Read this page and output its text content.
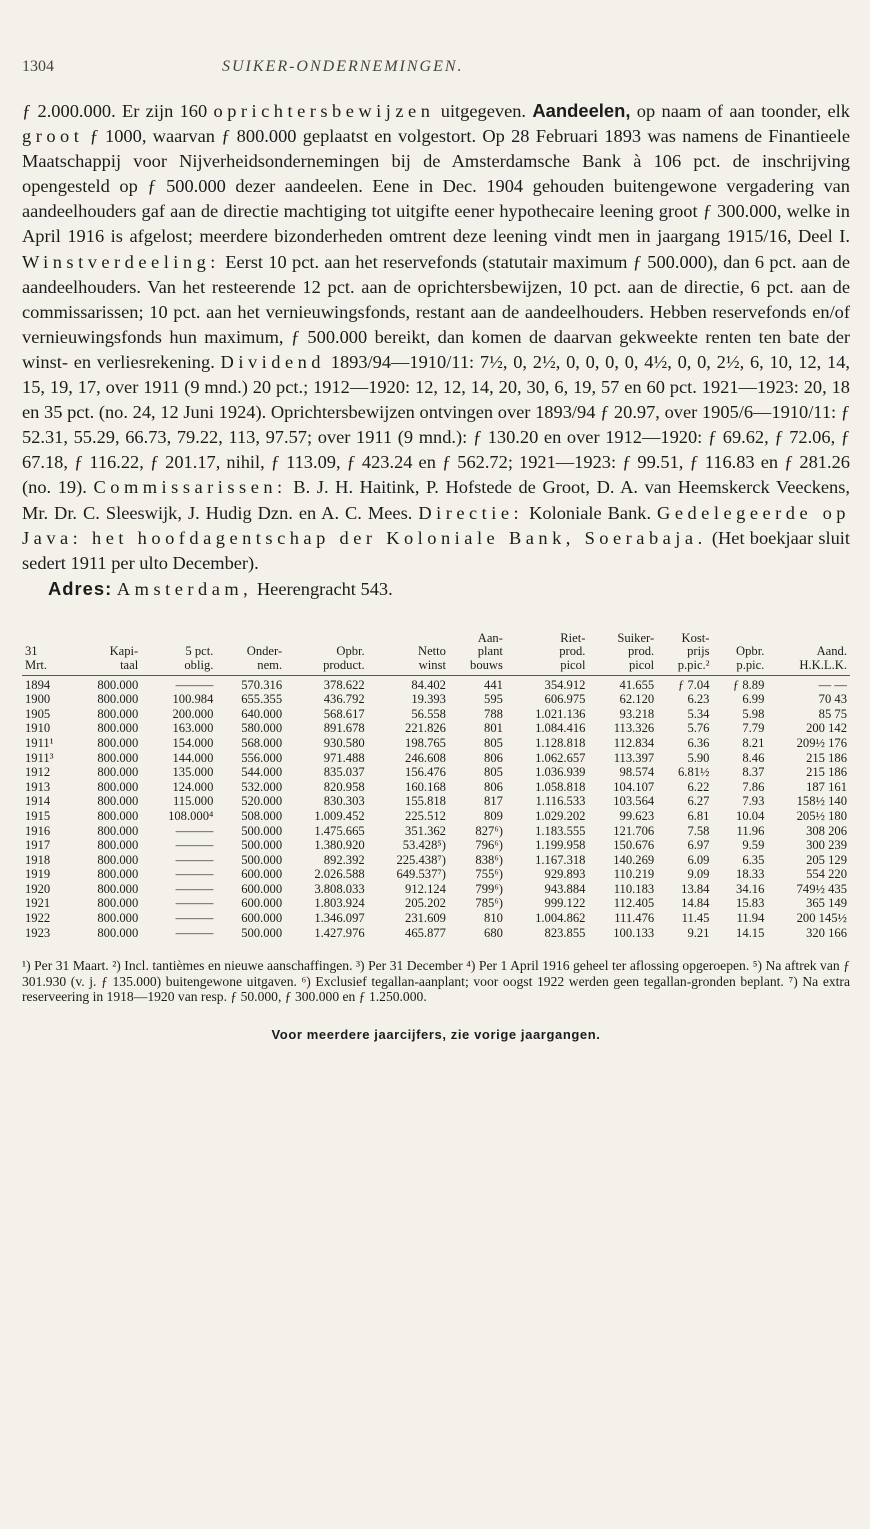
1304	SUIKER-ONDERNEMINGEN.

ƒ 2.000.000. Er zijn 160 oprichtersbewijzen uitgegeven. Aandeelen, op naam of aan toonder, elk groot ƒ 1000, waarvan ƒ 800.000 geplaatst en volgestort. Op 28 Februari 1893 was namens de Finantieele Maatschappij voor Nijverheidsondernemingen bij de Amsterdamsche Bank à 106 pct. de inschrijving opengesteld op ƒ 500.000 dezer aandeelen. Eene in Dec. 1904 gehouden buitengewone vergadering van aandeelhouders gaf aan de directie machtiging tot uitgifte eener hypothecaire leening groot ƒ 300.000, welke in April 1916 is afgelost; meerdere bizonderheden omtrent deze leening vindt men in jaargang 1915/16, Deel I. Winstverdeeling: Eerst 10 pct. aan het reservefonds (statutair maximum ƒ 500.000), dan 6 pct. aan de aandeelhouders. Van het resteerende 12 pct. aan de oprichtersbewijzen, 10 pct. aan de directie, 6 pct. aan de commissarissen; 10 pct. aan het vernieuwingsfonds, restant aan de aandeelhouders. Hebben reservefonds en/of vernieuwingsfonds hun maximum, ƒ 500.000 bereikt, dan komen de daarvan gekweekte renten ten bate der winst- en verliesrekening. Dividend 1893/94—1910/11: 7½, 0, 2½, 0, 0, 0, 0, 4½, 0, 0, 2½, 6, 10, 12, 14, 15, 19, 17, over 1911 (9 mnd.) 20 pct.; 1912—1920: 12, 12, 14, 20, 30, 6, 19, 57 en 60 pct. 1921—1923: 20, 18 en 35 pct. (no. 24, 12 Juni 1924). Oprichtersbewijzen ontvingen over 1893/94 ƒ 20.97, over 1905/6—1910/11: ƒ 52.31, 55.29, 66.73, 79.22, 113, 97.57; over 1911 (9 mnd.): ƒ 130.20 en over 1912—1920: ƒ 69.62, ƒ 72.06, ƒ 67.18, ƒ 116.22, ƒ 201.17, nihil, ƒ 113.09, ƒ 423.24 en ƒ 562.72; 1921—1923: ƒ 99.51, ƒ 116.83 en ƒ 281.26 (no. 19). Commissarissen: B. J. H. Haitink, P. Hofstede de Groot, D. A. van Heemskerck Veeckens, Mr. Dr. C. Sleeswijk, J. Hudig Dzn. en A. C. Mees. Directie: Koloniale Bank. Gedelegeerde op Java: het hoofdagentschap der Koloniale Bank, Soerabaja. (Het boekjaar sluit sedert 1911 per ulto December).

Adres: Amsterdam, Heerengracht 543.

						Aan-	Riet-	Suiker-	Kost-		
31	Kapi-	5 pct.	Onder-	Opbr.	Netto	plant	prod.	prod.	prijs	Opbr.	Aand.
Mrt.	taal	oblig.	nem.	product.	winst	bouws	picol	picol	p.pic.²	p.pic.	H.K.L.K.
1894	800.000	———	570.316	378.622	84.402	441	354.912	41.655	ƒ 7.04	ƒ 8.89	— —
1900	800.000	100.984	655.355	436.792	19.393	595	606.975	62.120	6.23	6.99	70 43
1905	800.000	200.000	640.000	568.617	56.558	788	1.021.136	93.218	5.34	5.98	85 75
1910	800.000	163.000	580.000	891.678	221.826	801	1.084.416	113.326	5.76	7.79	200 142
1911¹	800.000	154.000	568.000	930.580	198.765	805	1.128.818	112.834	6.36	8.21	209½ 176
1911³	800.000	144.000	556.000	971.488	246.608	806	1.062.657	113.397	5.90	8.46	215 186
1912	800.000	135.000	544.000	835.037	156.476	805	1.036.939	98.574	6.81½	8.37	215 186
1913	800.000	124.000	532.000	820.958	160.168	806	1.058.818	104.107	6.22	7.86	187 161
1914	800.000	115.000	520.000	830.303	155.818	817	1.116.533	103.564	6.27	7.93	158½ 140
1915	800.000	108.000⁴	508.000	1.009.452	225.512	809	1.029.202	99.623	6.81	10.04	205½ 180
1916	800.000	———	500.000	1.475.665	351.362	827⁶)	1.183.555	121.706	7.58	11.96	308 206
1917	800.000	———	500.000	1.380.920	53.428⁵)	796⁶)	1.199.958	150.676	6.97	9.59	300 239
1918	800.000	———	500.000	892.392	225.438⁷)	838⁶)	1.167.318	140.269	6.09	6.35	205 129
1919	800.000	———	600.000	2.026.588	649.537⁷)	755⁶)	929.893	110.219	9.09	18.33	554 220
1920	800.000	———	600.000	3.808.033	912.124	799⁶)	943.884	110.183	13.84	34.16	749½ 435
1921	800.000	———	600.000	1.803.924	205.202	785⁶)	999.122	112.405	14.84	15.83	365 149
1922	800.000	———	600.000	1.346.097	231.609	810	1.004.862	111.476	11.45	11.94	200 145½
1923	800.000	———	500.000	1.427.976	465.877	680	823.855	100.133	9.21	14.15	320 166

¹) Per 31 Maart. ²) Incl. tantièmes en nieuwe aanschaffingen. ³) Per 31 December ⁴) Per 1 April 1916 geheel ter aflossing opgeroepen. ⁵) Na aftrek van ƒ 301.930 (v. j. ƒ 135.000) buitengewone uitgaven. ⁶) Exclusief tegallan-aanplant; voor oogst 1922 werden geen tegallan-gronden beplant. ⁷) Na extra reserveering in 1918—1920 van resp. ƒ 50.000, ƒ 300.000 en ƒ 1.250.000.

Voor meerdere jaarcijfers, zie vorige jaargangen.
